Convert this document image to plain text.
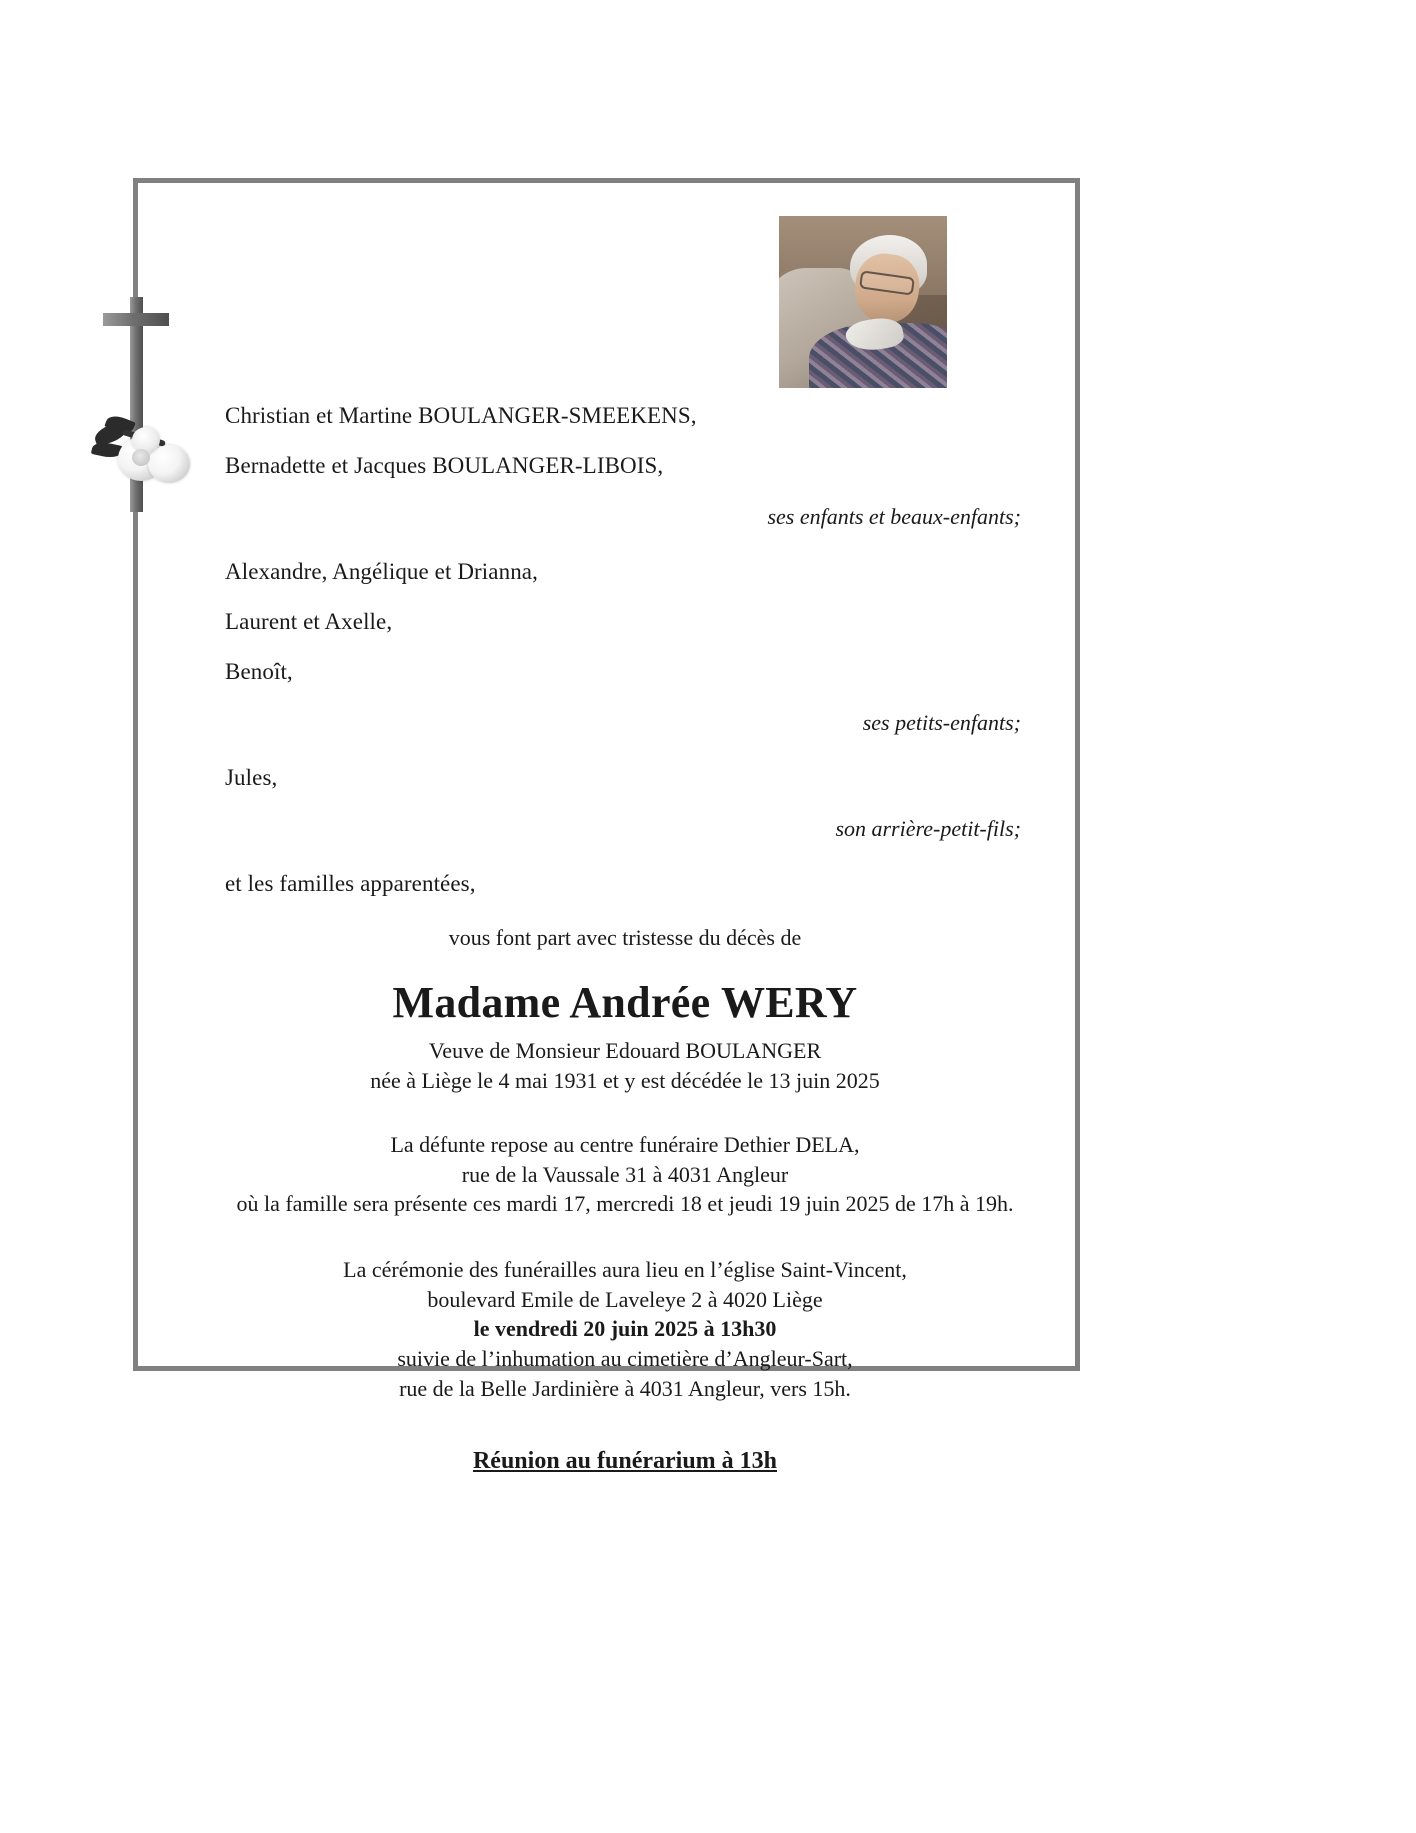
Christian et Martine BOULANGER-SMEEKENS,

Bernadette et Jacques BOULANGER-LIBOIS,

ses enfants et beaux-enfants;

Alexandre, Angélique et Drianna,

Laurent et Axelle,

Benoît,

ses petits-enfants;

Jules,

son arrière-petit-fils;

et les familles apparentées,

vous font part avec tristesse du décès de

Madame Andrée WERY

Veuve de Monsieur Edouard BOULANGER

née à Liège le 4 mai 1931 et y est décédée le 13 juin 2025

La défunte repose au centre funéraire Dethier DELA,
rue de la Vaussale 31 à 4031 Angleur
où la famille sera présente ces mardi 17, mercredi 18 et jeudi 19 juin 2025 de 17h à 19h.
La cérémonie des funérailles aura lieu en l’église Saint-Vincent,
boulevard Emile de Laveleye 2 à 4020 Liège
le vendredi 20 juin 2025 à 13h30
suivie de l’inhumation au cimetière d’Angleur-Sart,
rue de la Belle Jardinière à 4031 Angleur, vers 15h.

Réunion au funérarium à 13h
